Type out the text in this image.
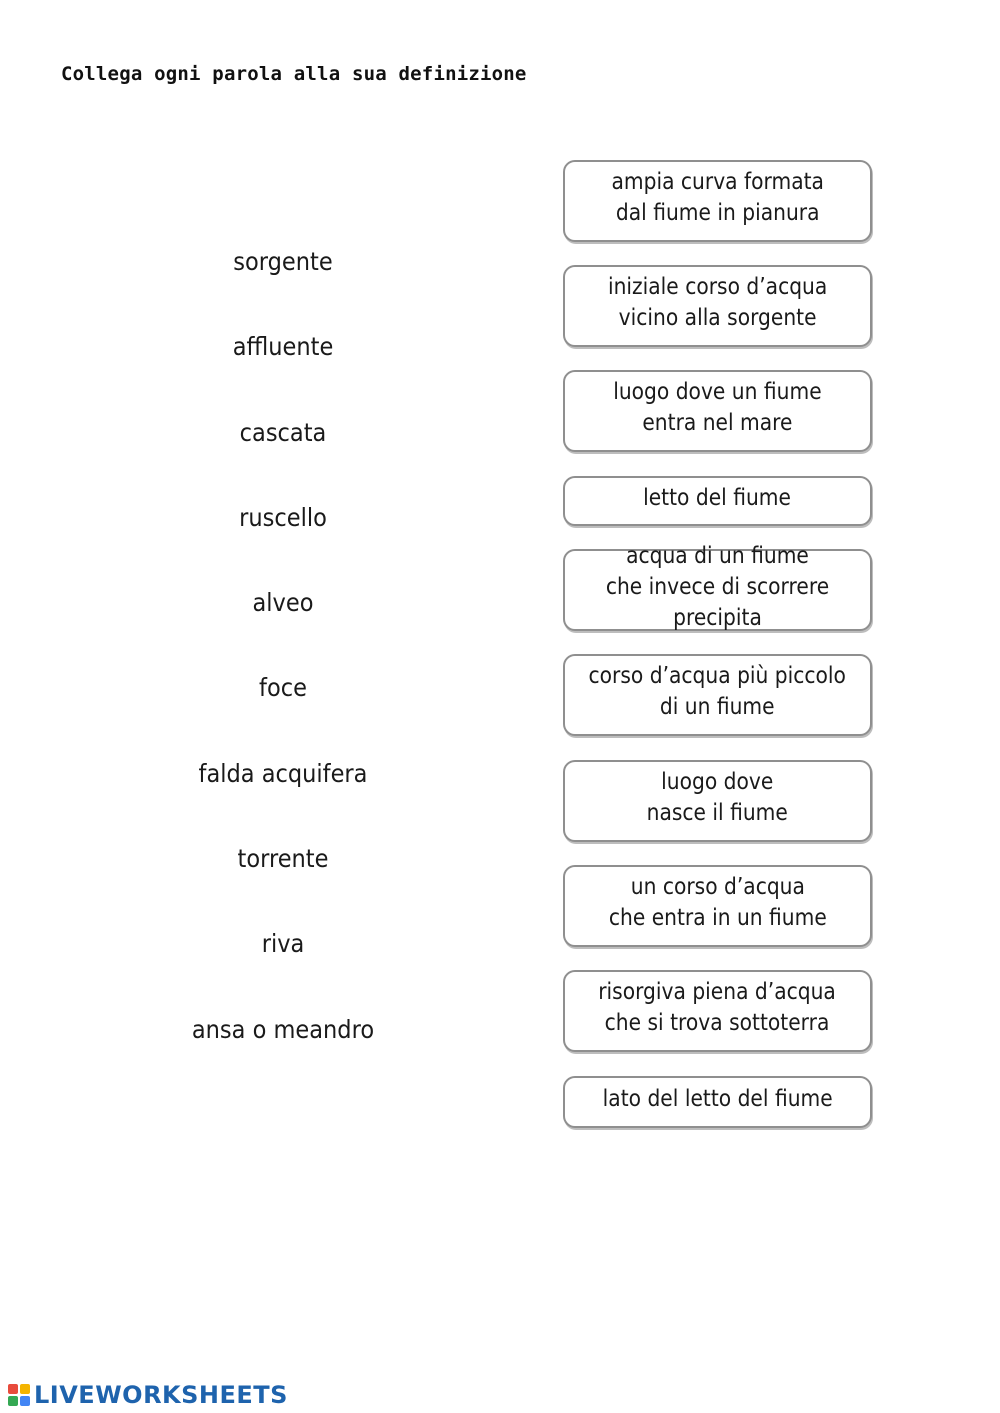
Collega ogni parola alla sua definizione
sorgente
affluente
cascata
ruscello
alveo
foce
falda acquifera
torrente
riva
ansa o meandro
ampia curva formata
dal fiume in pianura
iniziale corso d’acqua
vicino alla sorgente
luogo dove un fiume
entra nel mare
letto del fiume
acqua di un fiume
che invece di scorrere precipita
corso d’acqua più piccolo
di un fiume
luogo dove
nasce il fiume
un corso d’acqua
che entra in un fiume
risorgiva piena d’acqua
che si trova sottoterra
lato del letto del fiume
LIVEWORKSHEETS
